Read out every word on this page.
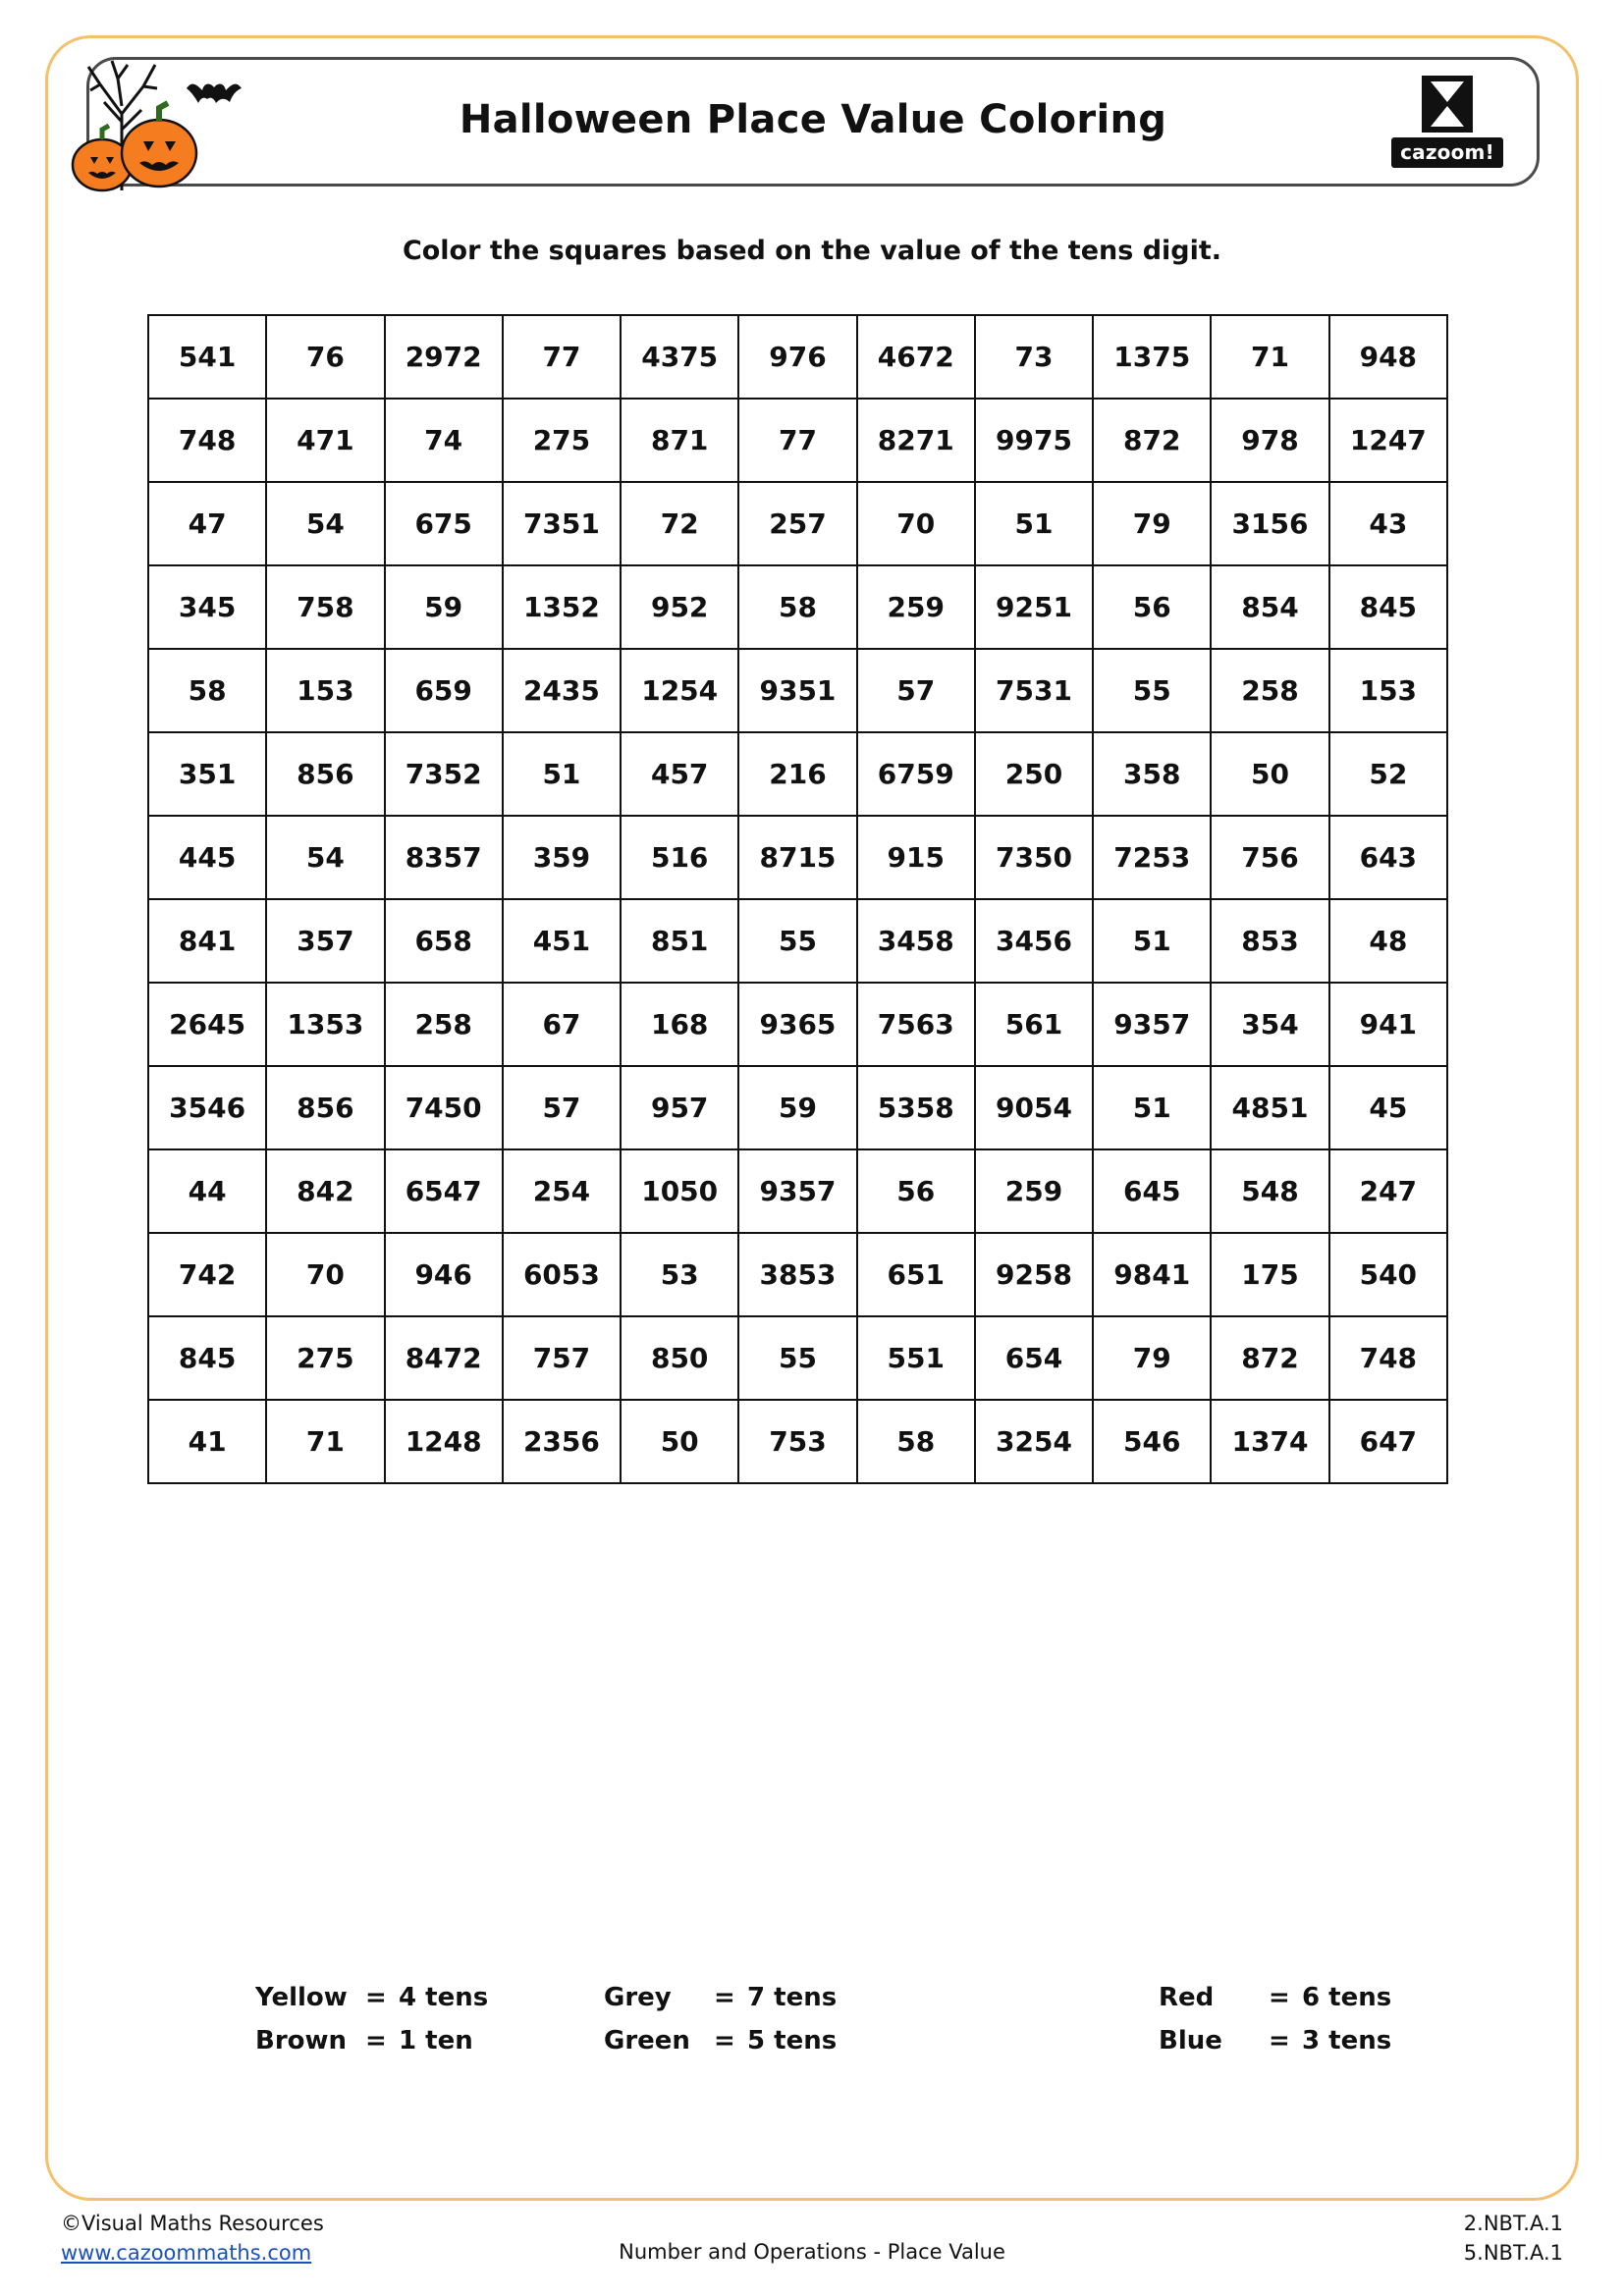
Halloween Place Value Coloring
cazoom!
Color the squares based on the value of the tens digit.
541	76	2972	77	4375	976	4672	73	1375	71	948
748	471	74	275	871	77	8271	9975	872	978	1247
47	54	675	7351	72	257	70	51	79	3156	43
345	758	59	1352	952	58	259	9251	56	854	845
58	153	659	2435	1254	9351	57	7531	55	258	153
351	856	7352	51	457	216	6759	250	358	50	52
445	54	8357	359	516	8715	915	7350	7253	756	643
841	357	658	451	851	55	3458	3456	51	853	48
2645	1353	258	67	168	9365	7563	561	9357	354	941
3546	856	7450	57	957	59	5358	9054	51	4851	45
44	842	6547	254	1050	9357	56	259	645	548	247
742	70	946	6053	53	3853	651	9258	9841	175	540
845	275	8472	757	850	55	551	654	79	872	748
41	71	1248	2356	50	753	58	3254	546	1374	647
Yellow = 4 tens	Grey	= 7 tens	Red	= 6 tens
Brown = 1 ten	Green = 5 tens	Blue	= 3 tens
©Visual Maths Resources
www.cazoommaths.com	Number and Operations - Place Value
2.NBT.A.1
5.NBT.A.1
